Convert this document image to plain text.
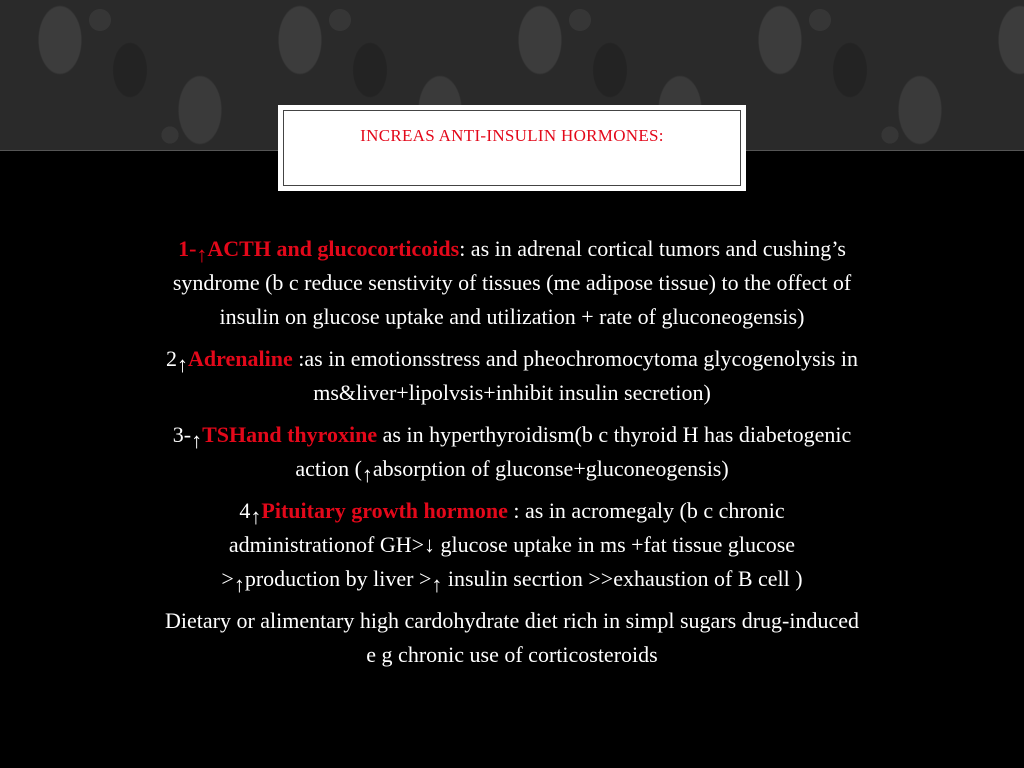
INCREAS ANTI-INSULIN HORMONES:
1-↑ACTH and glucocorticoids: as in adrenal cortical tumors and cushing’s
syndrome (b c reduce senstivity of tissues (me adipose tissue) to the offect of
insulin on glucose uptake and utilization + rate of gluconeogensis)
2↑Adrenaline :as in emotionsstress and pheochromocytoma glycogenolysis in
ms&liver+lipolvsis+inhibit insulin secretion)
3-↑TSHand thyroxine as in hyperthyroidism(b c thyroid H has diabetogenic
action (↑absorption of gluconse+gluconeogensis)
4↑Pituitary growth hormone : as in acromegaly (b c chronic
administrationof GH>↓ glucose uptake in ms +fat tissue glucose
>↑production by liver >↑ insulin secrtion >>exhaustion of B cell )
Dietary or alimentary high cardohydrate diet rich in simpl sugars drug-induced
e g chronic use of corticosteroids
